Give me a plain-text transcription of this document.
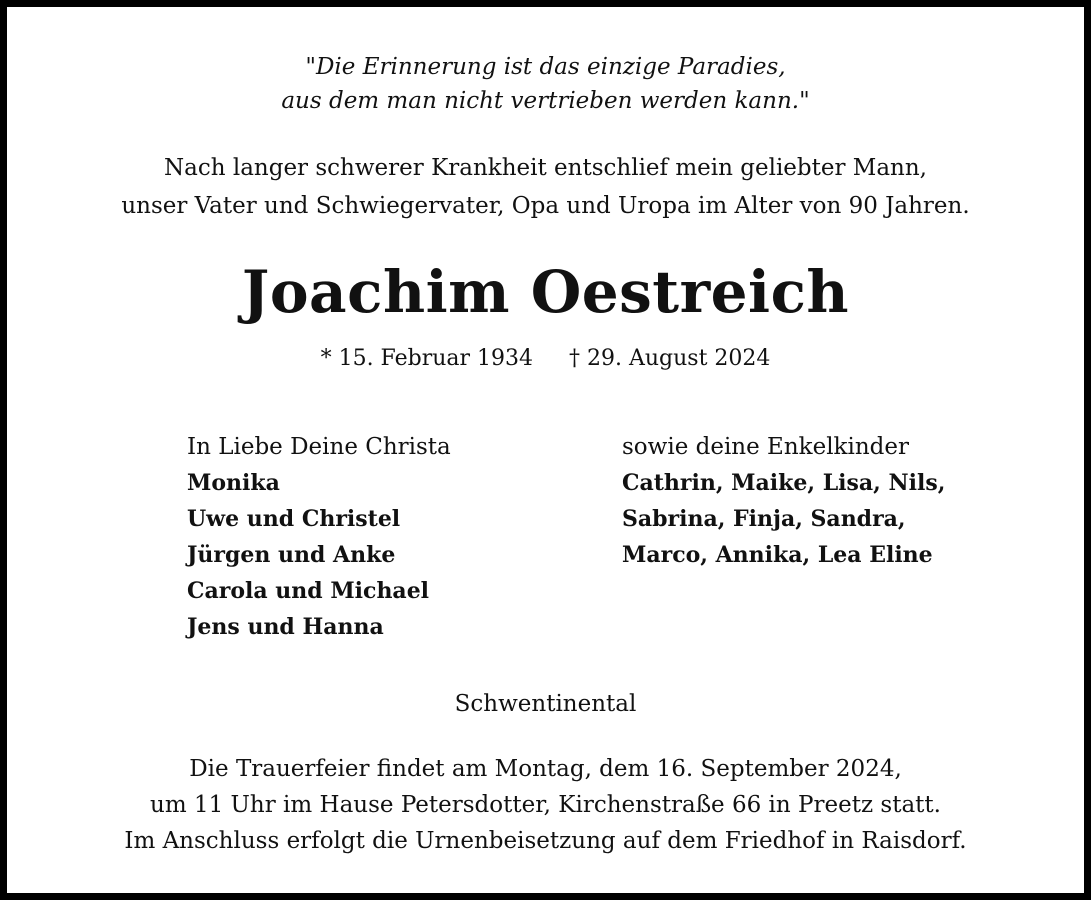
"Die Erinnerung ist das einzige Paradies,
aus dem man nicht vertrieben werden kann."
Nach langer schwerer Krankheit entschlief mein geliebter Mann,
unser Vater und Schwiegervater, Opa und Uropa im Alter von 90 Jahren.
Joachim Oestreich
* 15. Februar 1934 † 29. August 2024
In Liebe Deine Christa
Monika
Uwe und Christel
Jürgen und Anke
Carola und Michael
Jens und Hanna
sowie deine Enkelkinder
Cathrin, Maike, Lisa, Nils,
Sabrina, Finja, Sandra,
Marco, Annika, Lea Eline
Schwentinental
Die Trauerfeier findet am Montag, dem 16. September 2024,
um 11 Uhr im Hause Petersdotter, Kirchenstraße 66 in Preetz statt.
Im Anschluss erfolgt die Urnenbeisetzung auf dem Friedhof in Raisdorf.
